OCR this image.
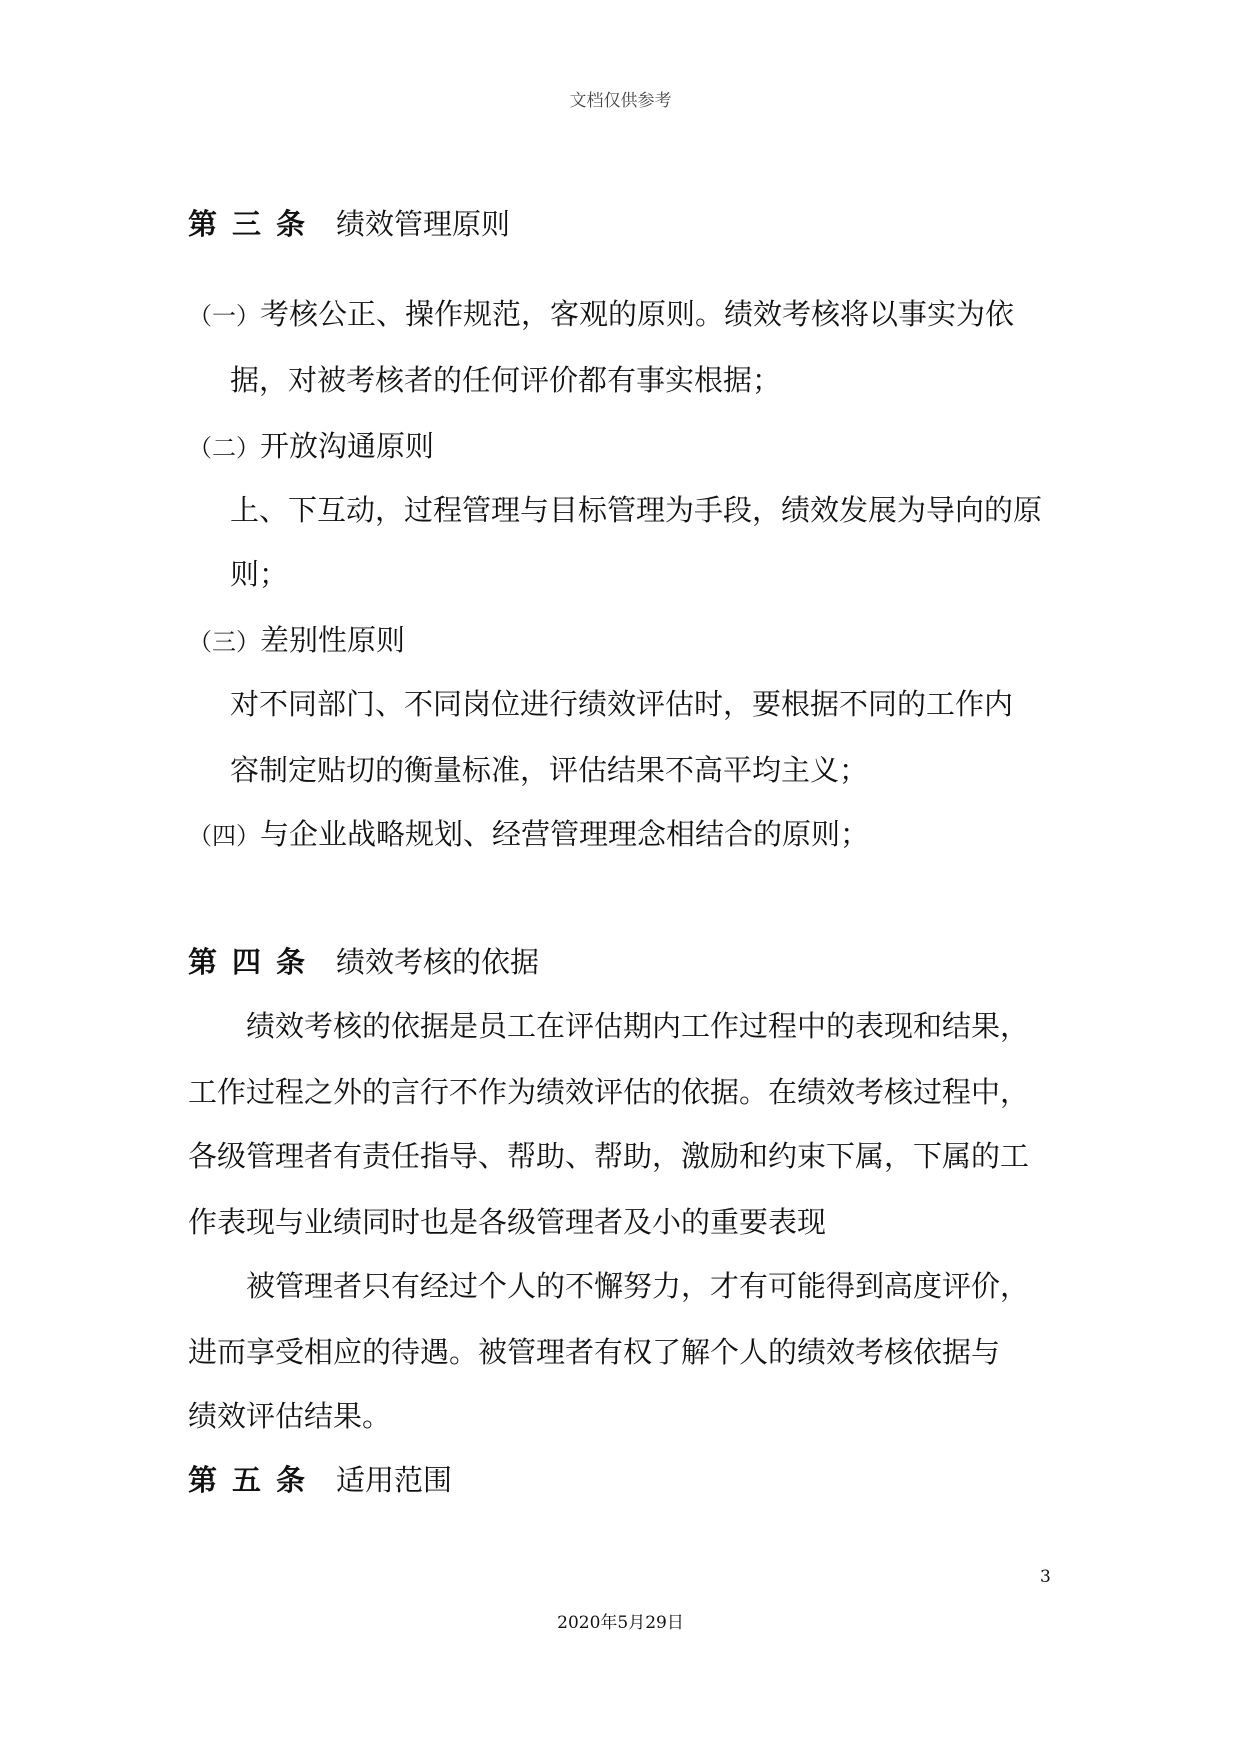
文档仅供参考
第三条 绩效管理原则
（一）考核公正、操作规范，客观的原则。绩效考核将以事实为依
据，对被考核者的任何评价都有事实根据；
（二）开放沟通原则
上、下互动，过程管理与目标管理为手段，绩效发展为导向的原
则；
（三）差别性原则
对不同部门、不同岗位进行绩效评估时，要根据不同的工作内
容制定贴切的衡量标准，评估结果不高平均主义；
（四）与企业战略规划、经营管理理念相结合的原则；
第四条 绩效考核的依据
绩效考核的依据是员工在评估期内工作过程中的表现和结果，
工作过程之外的言行不作为绩效评估的依据。在绩效考核过程中，
各级管理者有责任指导、帮助、帮助，激励和约束下属，下属的工
作表现与业绩同时也是各级管理者及小的重要表现
被管理者只有经过个人的不懈努力，才有可能得到高度评价，
进而享受相应的待遇。被管理者有权了解个人的绩效考核依据与
绩效评估结果。
第五条 适用范围
3
2020年5月29日
